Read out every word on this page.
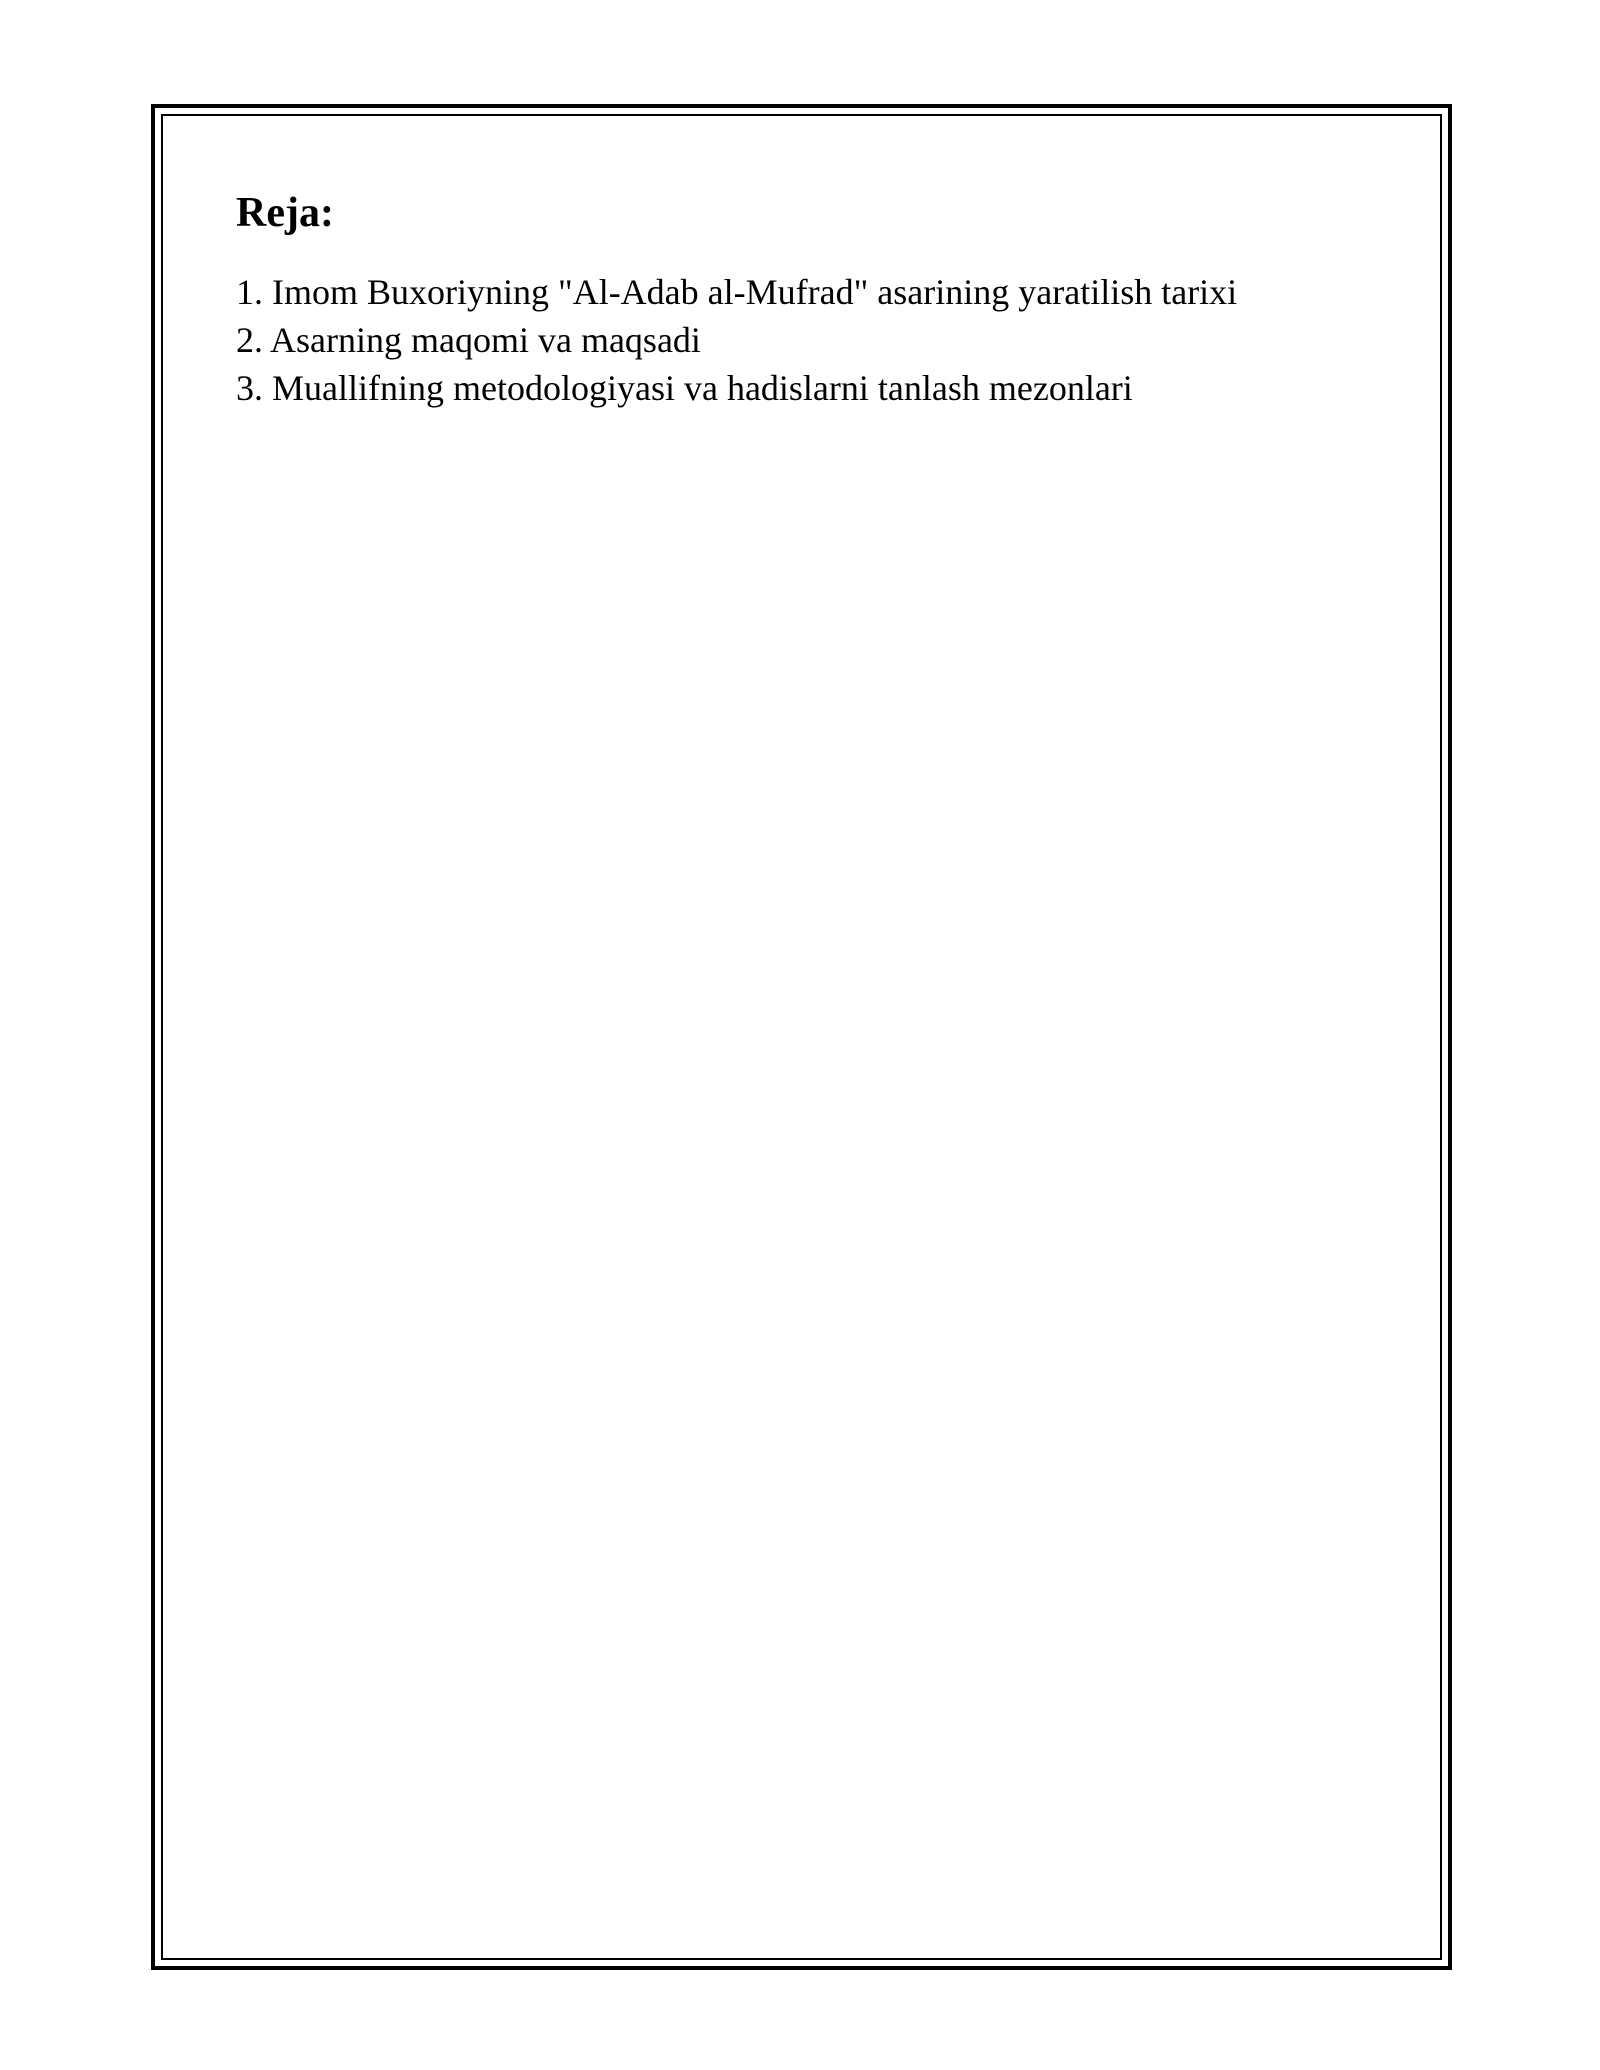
Reja:
1. Imom Buxoriyning "Al-Adab al-Mufrad" asarining yaratilish tarixi
2. Asarning maqomi va maqsadi
3. Muallifning metodologiyasi va hadislarni tanlash mezonlari
